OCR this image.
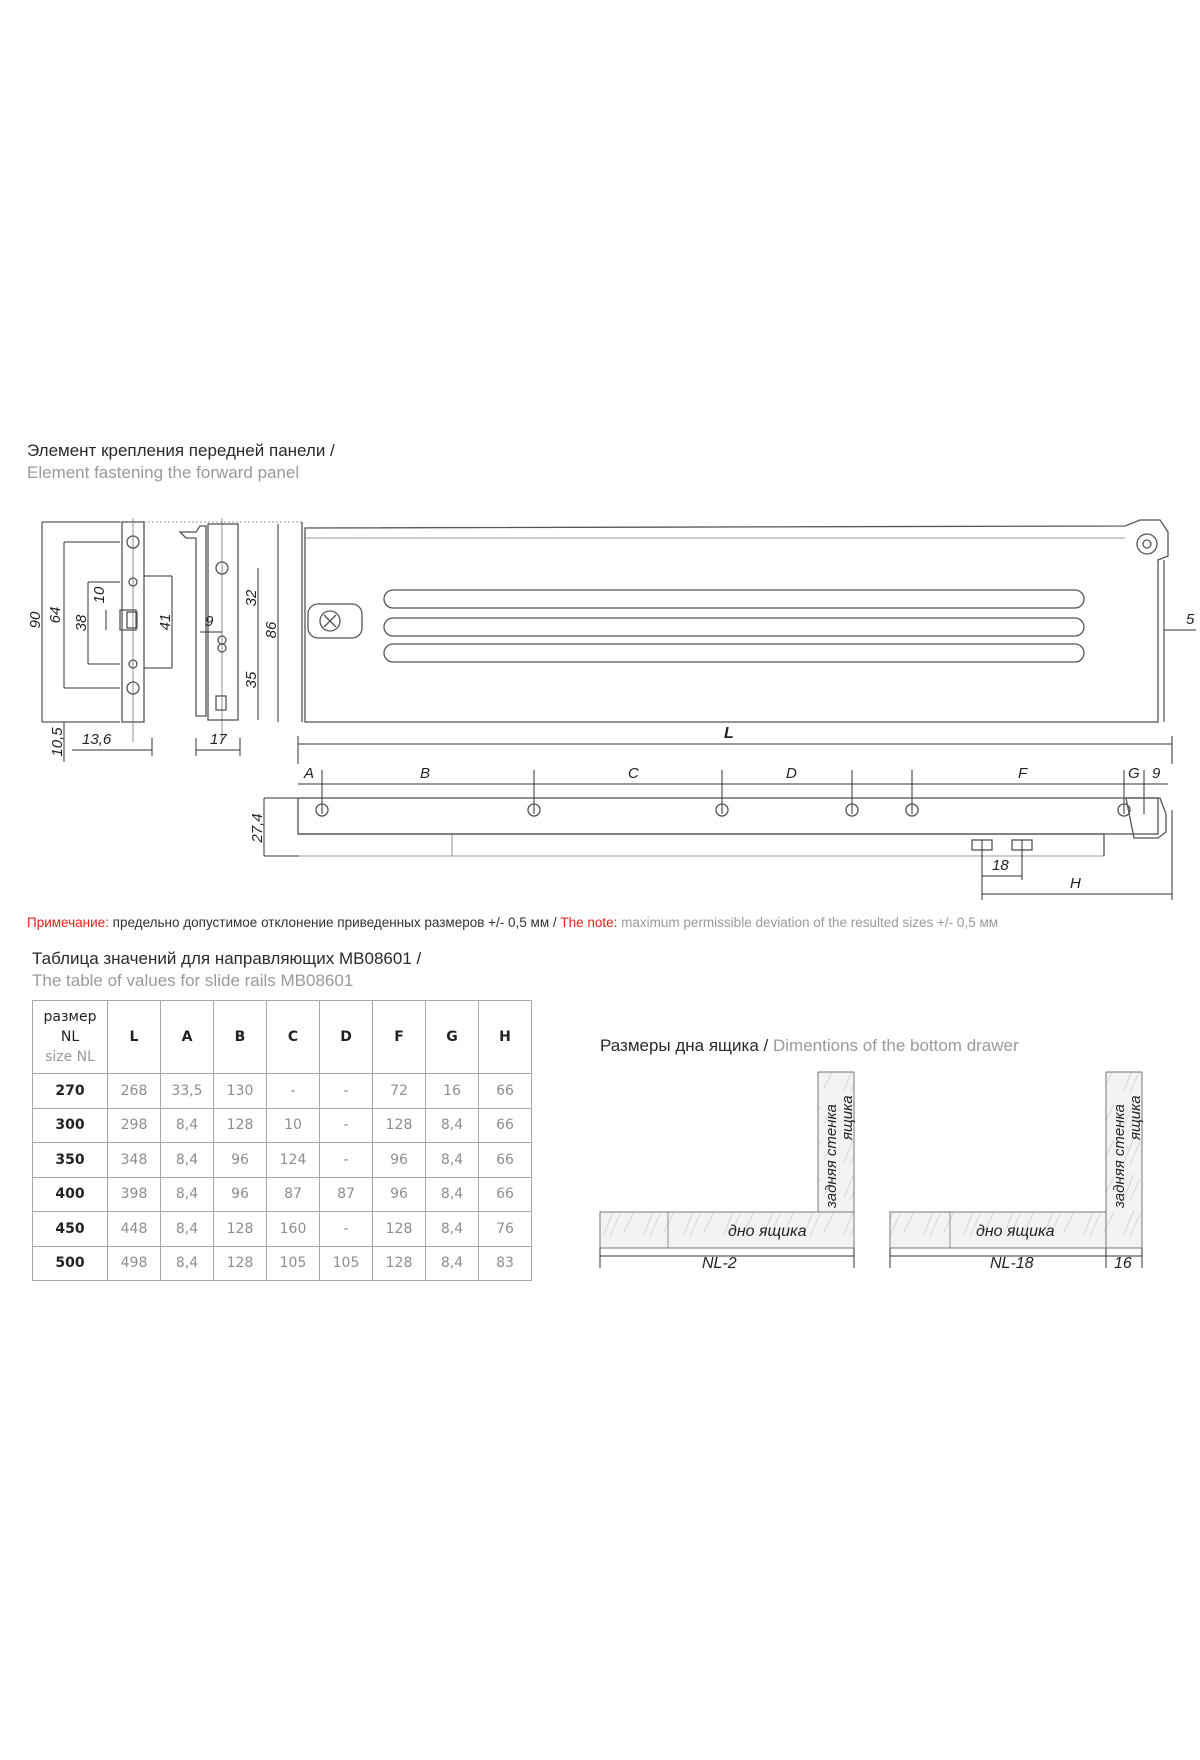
Элемент крепления передней панели /
Element fastening the forward panel
90 64 38
10
41 9
32
86
35
10,5 13,6	17
5
L
A	B	C	D	F	G 9
27,4
18
H
Примечание: предельно допустимое отклонение приведенных размеров +/- 0,5 мм / The note: maximum permissible deviation of the resulted sizes +/- 0,5 мм
Таблица значений для направляющих MB08601 /
The table of values for slide rails MB08601
размер
NL
size NL	L	A	B	C	D	F	G	H
270	268	33,5	130	-	-	72	16	66
300	298	8,4	128	10	-	128	8,4	66
350	348	8,4	96	124	-	96	8,4	66
400	398	8,4	96	87	87	96	8,4	66
450	448	8,4	128	160	-	128	8,4	76
500	498	8,4	128	105	105	128	8,4	83
Размеры дна ящика / Dimentions of the bottom drawer
дно ящика
задняя стенка ящика
NL-2
дно ящика
задняя стенка ящика
NL-18	16
